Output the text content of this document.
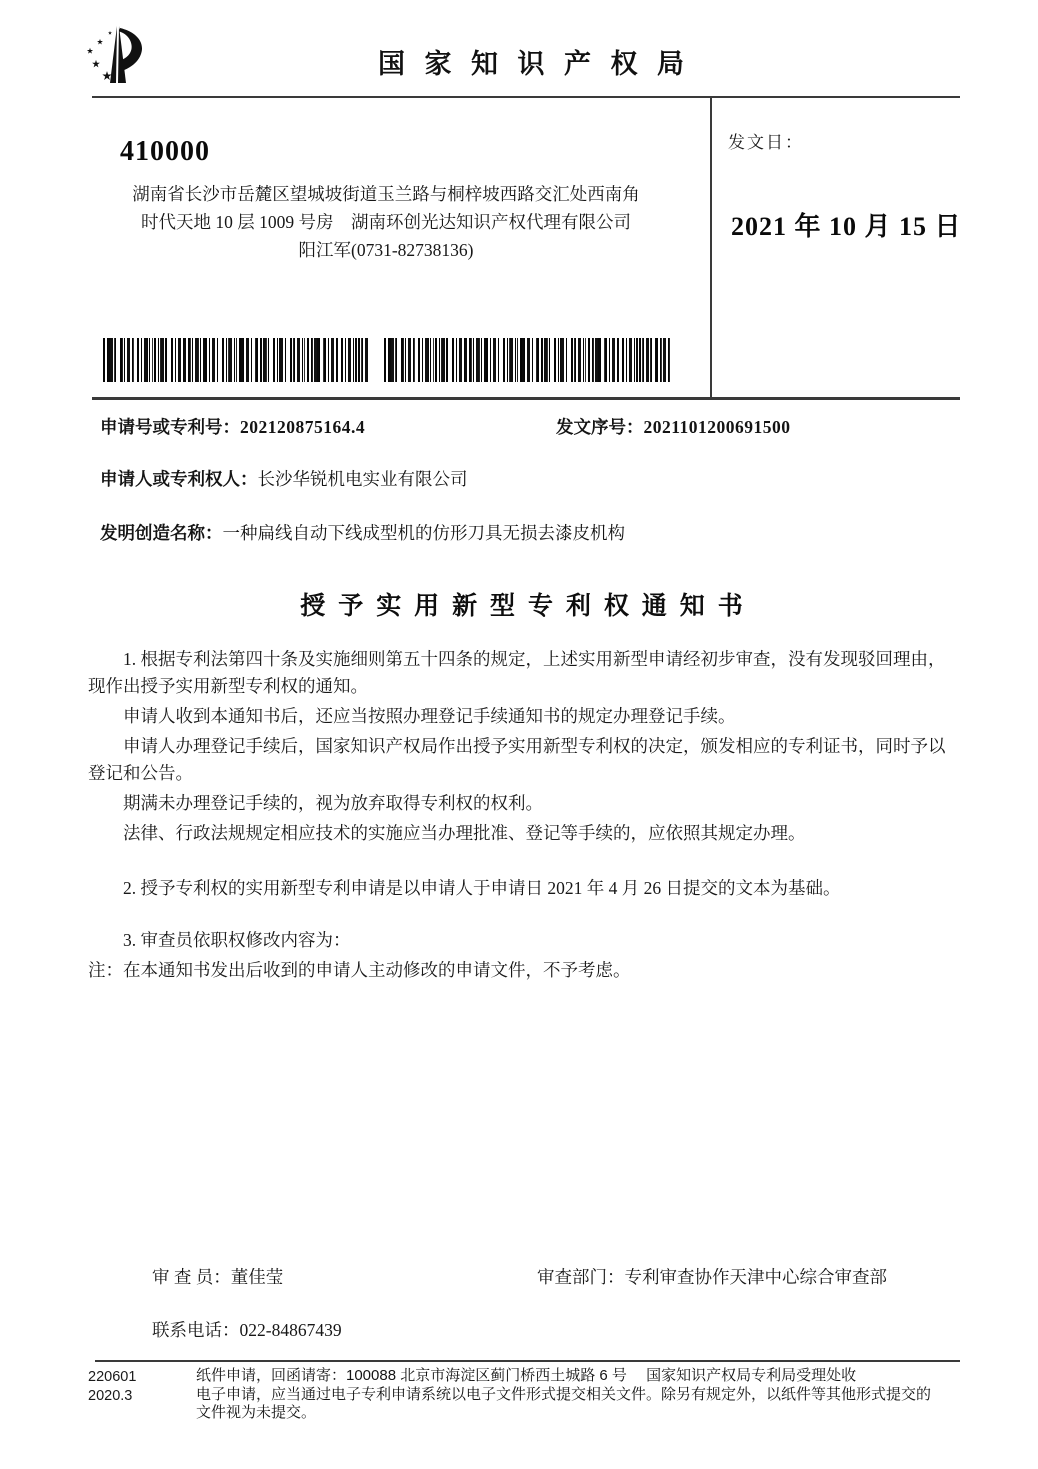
国 家 知 识 产 权 局
发文日：
2021 年 10 月 15 日
410000
湖南省长沙市岳麓区望城坡街道玉兰路与桐梓坡西路交汇处西南角
时代天地 10 层 1009 号房　湖南环创光达知识产权代理有限公司
阳江军(0731-82738136)
申请号或专利号：202120875164.4	发文序号：2021101200691500
申请人或专利权人：长沙华锐机电实业有限公司
发明创造名称：一种扁线自动下线成型机的仿形刀具无损去漆皮机构
授 予 实 用 新 型 专 利 权 通 知 书

1. 根据专利法第四十条及实施细则第五十四条的规定，上述实用新型申请经初步审查，没有发现驳回理由，现作出授予实用新型专利权的通知。

申请人收到本通知书后，还应当按照办理登记手续通知书的规定办理登记手续。

申请人办理登记手续后，国家知识产权局作出授予实用新型专利权的决定，颁发相应的专利证书，同时予以登记和公告。

期满未办理登记手续的，视为放弃取得专利权的权利。

法律、行政法规规定相应技术的实施应当办理批准、登记等手续的，应依照其规定办理。

2. 授予专利权的实用新型专利申请是以申请人于申请日 2021 年 4 月 26 日提交的文本为基础。

3. 审查员依职权修改内容为：

注：在本通知书发出后收到的申请人主动修改的申请文件，不予考虑。

审 查 员：董佳莹	审查部门：专利审查协作天津中心综合审查部
联系电话：022-84867439
220601
2020.3
纸件申请，回函请寄：100088 北京市海淀区蓟门桥西土城路 6 号　 国家知识产权局专利局受理处收
电子申请，应当通过电子专利申请系统以电子文件形式提交相关文件。除另有规定外，以纸件等其他形式提交的
文件视为未提交。
